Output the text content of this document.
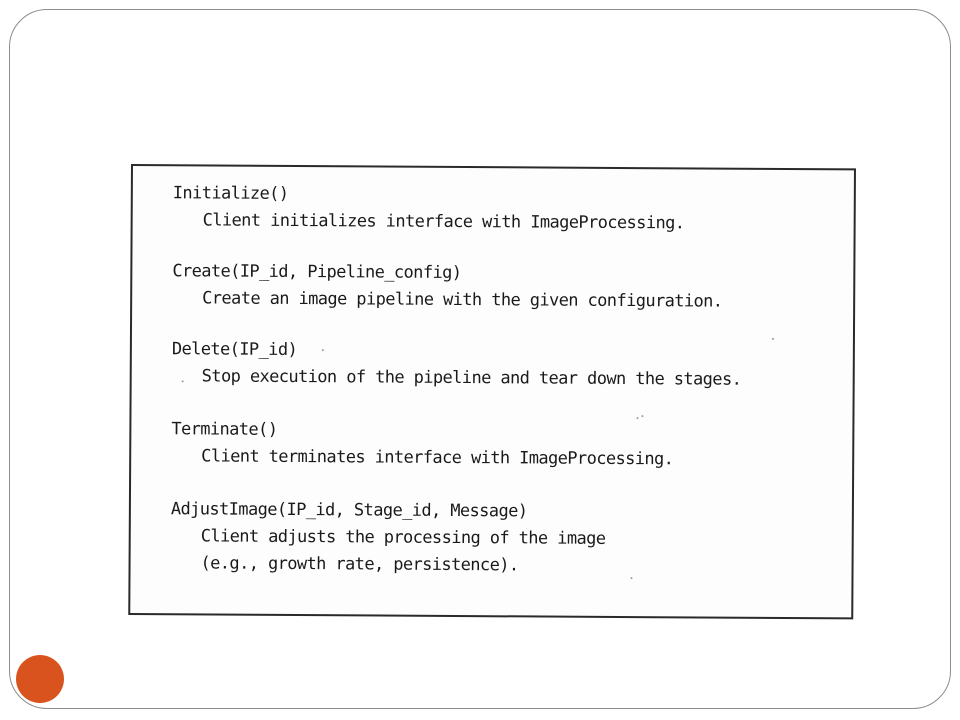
Initialize()
Client initializes interface with ImageProcessing.
Create(IP_id, Pipeline_config)
Create an image pipeline with the given configuration.
Delete(IP_id)
Stop execution of the pipeline and tear down the stages.
Terminate()
Client terminates interface with ImageProcessing.
AdjustImage(IP_id, Stage_id, Message)
Client adjusts the processing of the image
(e.g., growth rate, persistence).
